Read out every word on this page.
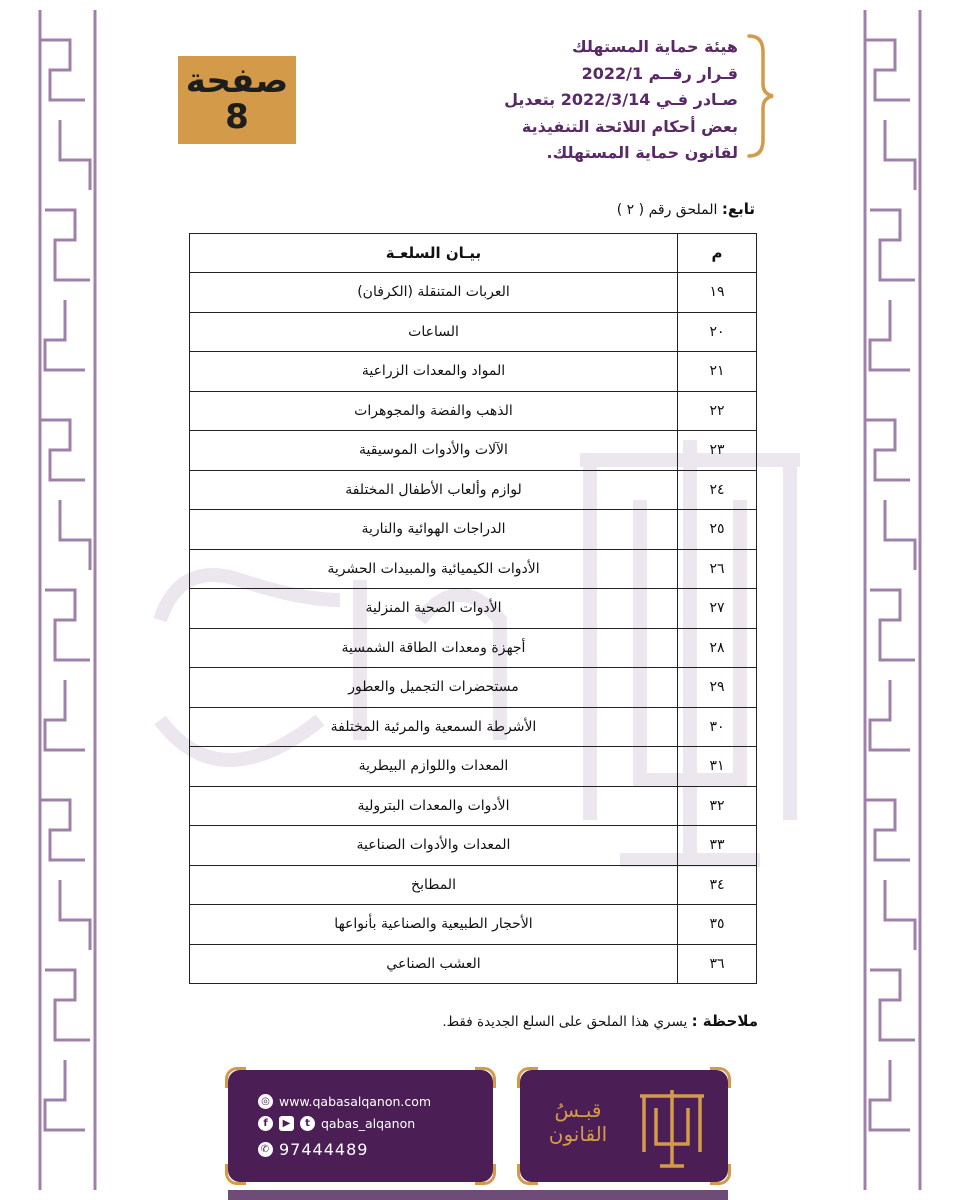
صفحة
8
هيئة حماية المستهلك
قـرار رقــم 2022/1
صـادر فـي 2022/3/14 بتعديل
بعض أحكام اللائحة التنفيذية
لقانون حماية المستهلك.
تابع: الملحق رقم ( ٢ )
م	بيـان السلعـة
١٩	العربات المتنقلة (الكرفان)
٢٠	الساعات
٢١	المواد والمعدات الزراعية
٢٢	الذهب والفضة والمجوهرات
٢٣	الآلات والأدوات الموسيقية
٢٤	لوازم وألعاب الأطفال المختلفة
٢٥	الدراجات الهوائية والنارية
٢٦	الأدوات الكيميائية والمبيدات الحشرية
٢٧	الأدوات الصحية المنزلية
٢٨	أجهزة ومعدات الطاقة الشمسية
٢٩	مستحضرات التجميل والعطور
٣٠	الأشرطة السمعية والمرئية المختلفة
٣١	المعدات واللوازم البيطرية
٣٢	الأدوات والمعدات البترولية
٣٣	المعدات والأدوات الصناعية
٣٤	المطابخ
٣٥	الأحجار الطبيعية والصناعية بأنواعها
٣٦	العشب الصناعي
ملاحظة : يسري هذا الملحق على السلع الجديدة فقط.
◎ www.qabasalqanon.com
f	▶	t qabas_alqanon
✆ 97444489
قبـسُ
القانون
